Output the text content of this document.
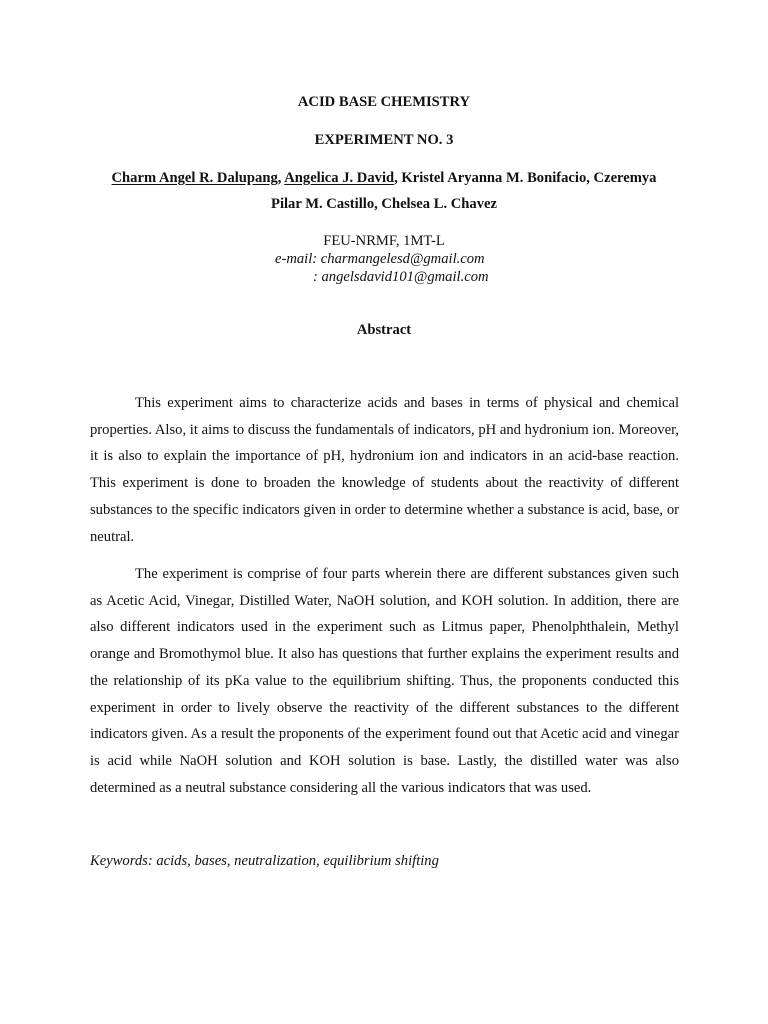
ACID BASE CHEMISTRY
EXPERIMENT NO. 3
Charm Angel R. Dalupang, Angelica J. David, Kristel Aryanna M. Bonifacio, Czeremya
Pilar M. Castillo, Chelsea L. Chavez
FEU-NRMF, 1MT-L
e-mail: charmangelesd@gmail.com
: angelsdavid101@gmail.com
Abstract

This experiment aims to characterize acids and bases in terms of physical and chemical properties. Also, it aims to discuss the fundamentals of indicators, pH and hydronium ion. Moreover, it is also to explain the importance of pH, hydronium ion and indicators in an acid-base reaction. This experiment is done to broaden the knowledge of students about the reactivity of different substances to the specific indicators given in order to determine whether a substance is acid, base, or neutral.

The experiment is comprise of four parts wherein there are different substances given such as Acetic Acid, Vinegar, Distilled Water, NaOH solution, and KOH solution. In addition, there are also different indicators used in the experiment such as Litmus paper, Phenolphthalein, Methyl orange and Bromothymol blue. It also has questions that further explains the experiment results and the relationship of its pKa value to the equilibrium shifting. Thus, the proponents conducted this experiment in order to lively observe the reactivity of the different substances to the different indicators given. As a result the proponents of the experiment found out that Acetic acid and vinegar is acid while NaOH solution and KOH solution is base. Lastly, the distilled water was also determined as a neutral substance considering all the various indicators that was used.

Keywords: acids, bases, neutralization, equilibrium shifting
